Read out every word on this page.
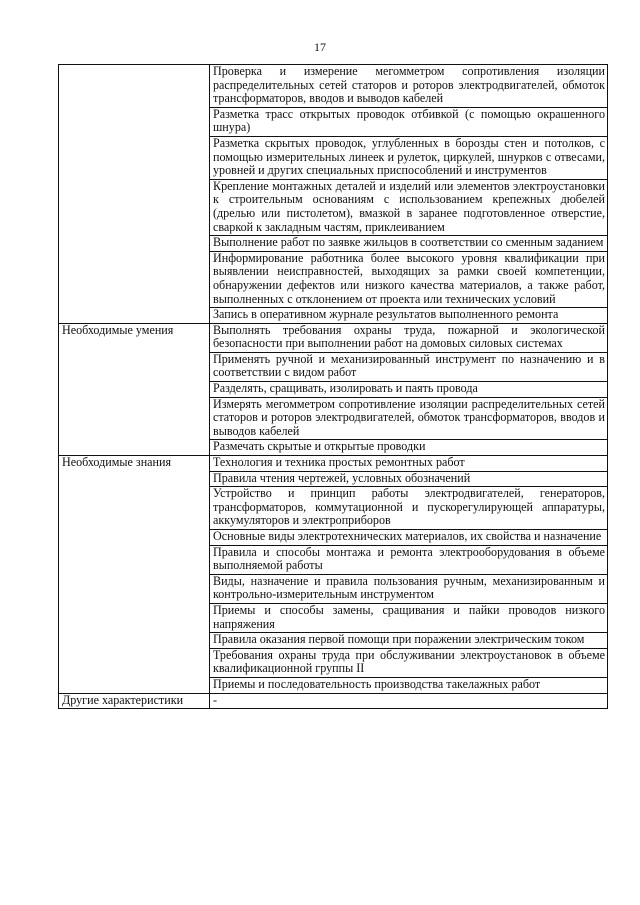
17
	Проверка и измерение мегомметром сопротивления изоляции распределительных сетей статоров и роторов электродвигателей, обмоток трансформаторов, вводов и выводов кабелей
	Разметка трасс открытых проводок отбивкой (с помощью окрашенного шнура)
	Разметка скрытых проводок, углубленных в борозды стен и потолков, с помощью измерительных линеек и рулеток, циркулей, шнурков с отвесами, уровней и других специальных приспособлений и инструментов
	Крепление монтажных деталей и изделий или элементов электроустановки к строительным основаниям с использованием крепежных дюбелей (дрелью или пистолетом), вмазкой в заранее подготовленное отверстие, сваркой к закладным частям, приклеиванием
	Выполнение работ по заявке жильцов в соответствии со сменным заданием
	Информирование работника более высокого уровня квалификации при выявлении неисправностей, выходящих за рамки своей компетенции, обнаружении дефектов или низкого качества материалов, а также работ, выполненных с отклонением от проекта или технических условий
	Запись в оперативном журнале результатов выполненного ремонта
Необходимые умения	Выполнять требования охраны труда, пожарной и экологической безопасности при выполнении работ на домовых силовых системах
	Применять ручной и механизированный инструмент по назначению и в соответствии с видом работ
	Разделять, сращивать, изолировать и паять провода
	Измерять мегомметром сопротивление изоляции распределительных сетей статоров и роторов электродвигателей, обмоток трансформаторов, вводов и выводов кабелей
	Размечать скрытые и открытые проводки
Необходимые знания	Технология и техника простых ремонтных работ
	Правила чтения чертежей, условных обозначений
	Устройство и принцип работы электродвигателей, генераторов, трансформаторов, коммутационной и пускорегулирующей аппаратуры, аккумуляторов и электроприборов
	Основные виды электротехнических материалов, их свойства и назначение
	Правила и способы монтажа и ремонта электрооборудования в объеме выполняемой работы
	Виды, назначение и правила пользования ручным, механизированным и контрольно-измерительным инструментом
	Приемы и способы замены, сращивания и пайки проводов низкого напряжения
	Правила оказания первой помощи при поражении электрическим током
	Требования охраны труда при обслуживании электроустановок в объеме квалификационной группы II
	Приемы и последовательность производства такелажных работ
Другие характеристики	-
